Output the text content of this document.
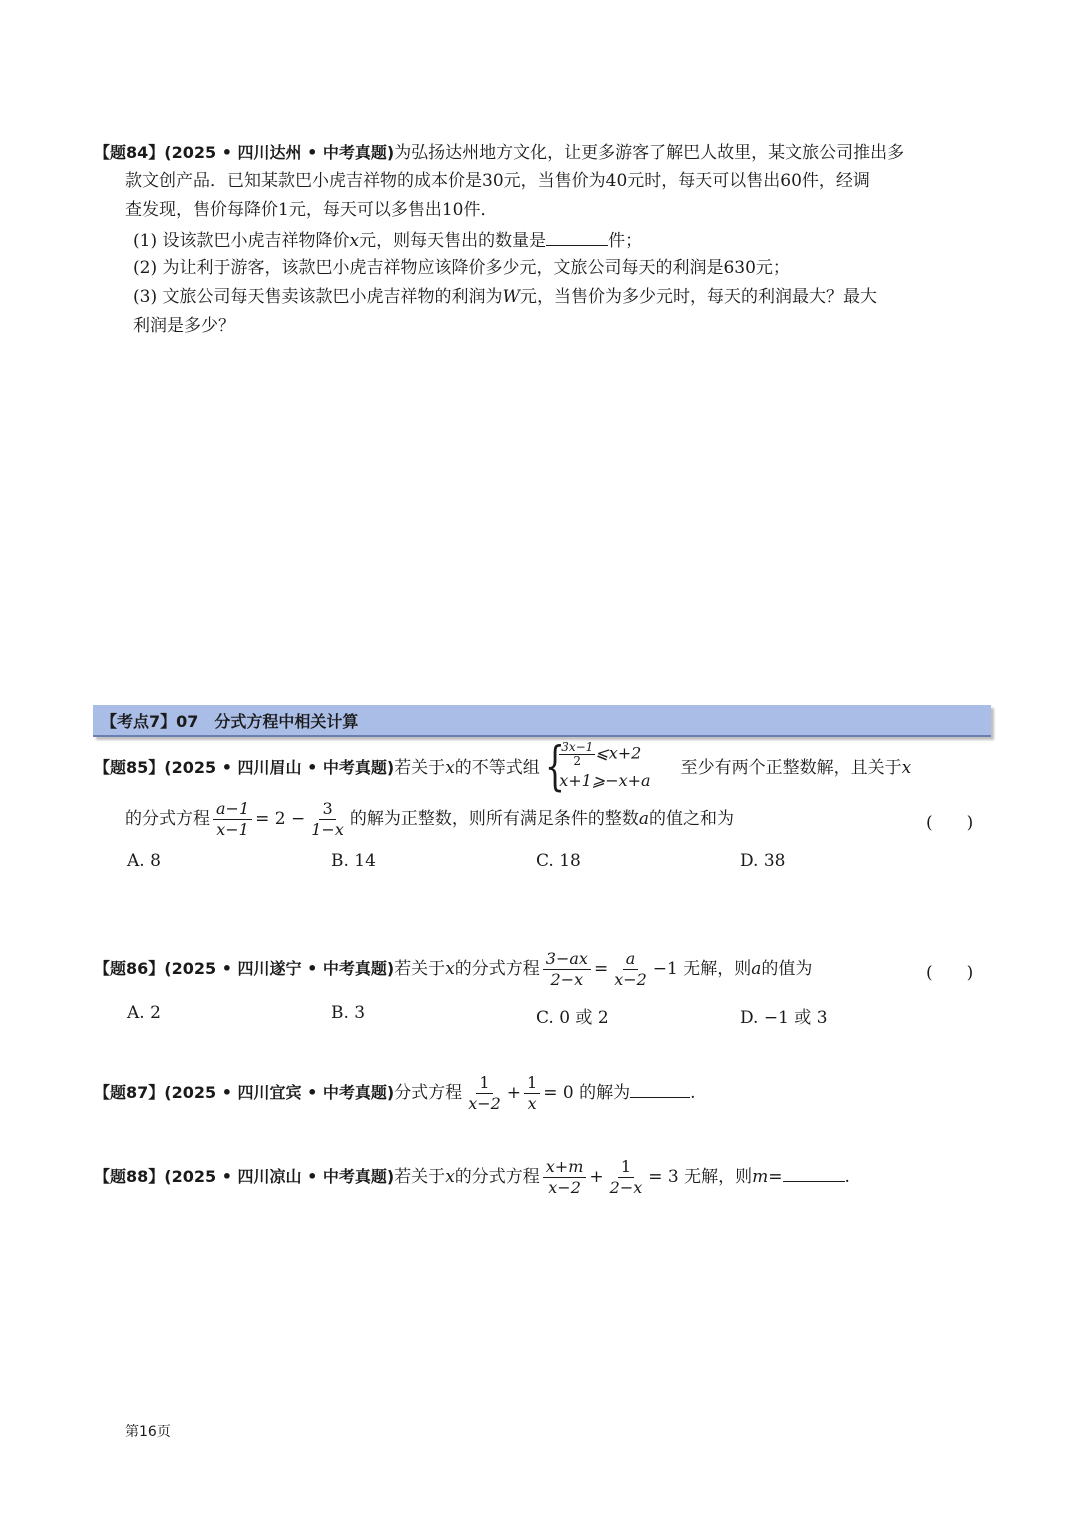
【题84】(2025 • 四川达州 • 中考真题)为弘扬达州地方文化，让更多游客了解巴人故里，某文旅公司推出多
款文创产品．已知某款巴小虎吉祥物的成本价是30元，当售价为40元时，每天可以售出60件，经调
查发现，售价每降价1元，每天可以多售出10件．
(1) 设该款巴小虎吉祥物降价x元，则每天售出的数量是	件；
(2) 为让利于游客，该款巴小虎吉祥物应该降价多少元，文旅公司每天的利润是630元；
(3) 文旅公司每天售卖该款巴小虎吉祥物的利润为W元，当售价为多少元时，每天的利润最大？最大
利润是多少？
【考点7】07　分式方程中相关计算
【题85】(2025 • 四川眉山 • 中考真题)若关于x的不等式组 {
$\frac{3x-1}{2}$ ⩽x+2
x+1⩾−x+a
至少有两个正整数解，且关于x
的分式方程 $\frac{a-1}{x-1} = 2 - \frac{3}{1-x}$ 的解为正整数，则所有满足条件的整数a的值之和为	(　　)
A. 8	B. 14	C. 18	D. 38
【题86】(2025 • 四川遂宁 • 中考真题)若关于x的分式方程 $\frac{3-ax}{2-x} = \frac{a}{x-2} -1$ 无解，则a的值为	(　　)
A. 2	B. 3	C. 0 或 2	D. −1 或 3
【题87】(2025 • 四川宜宾 • 中考真题)分式方程 $\frac{1}{x-2} + \frac{1}{x} = 0$ 的解为	.
【题88】(2025 • 四川凉山 • 中考真题)若关于x的分式方程 $\frac{x+m}{x-2} + \frac{1}{2-x} = 3$ 无解，则m=	.
第16页
